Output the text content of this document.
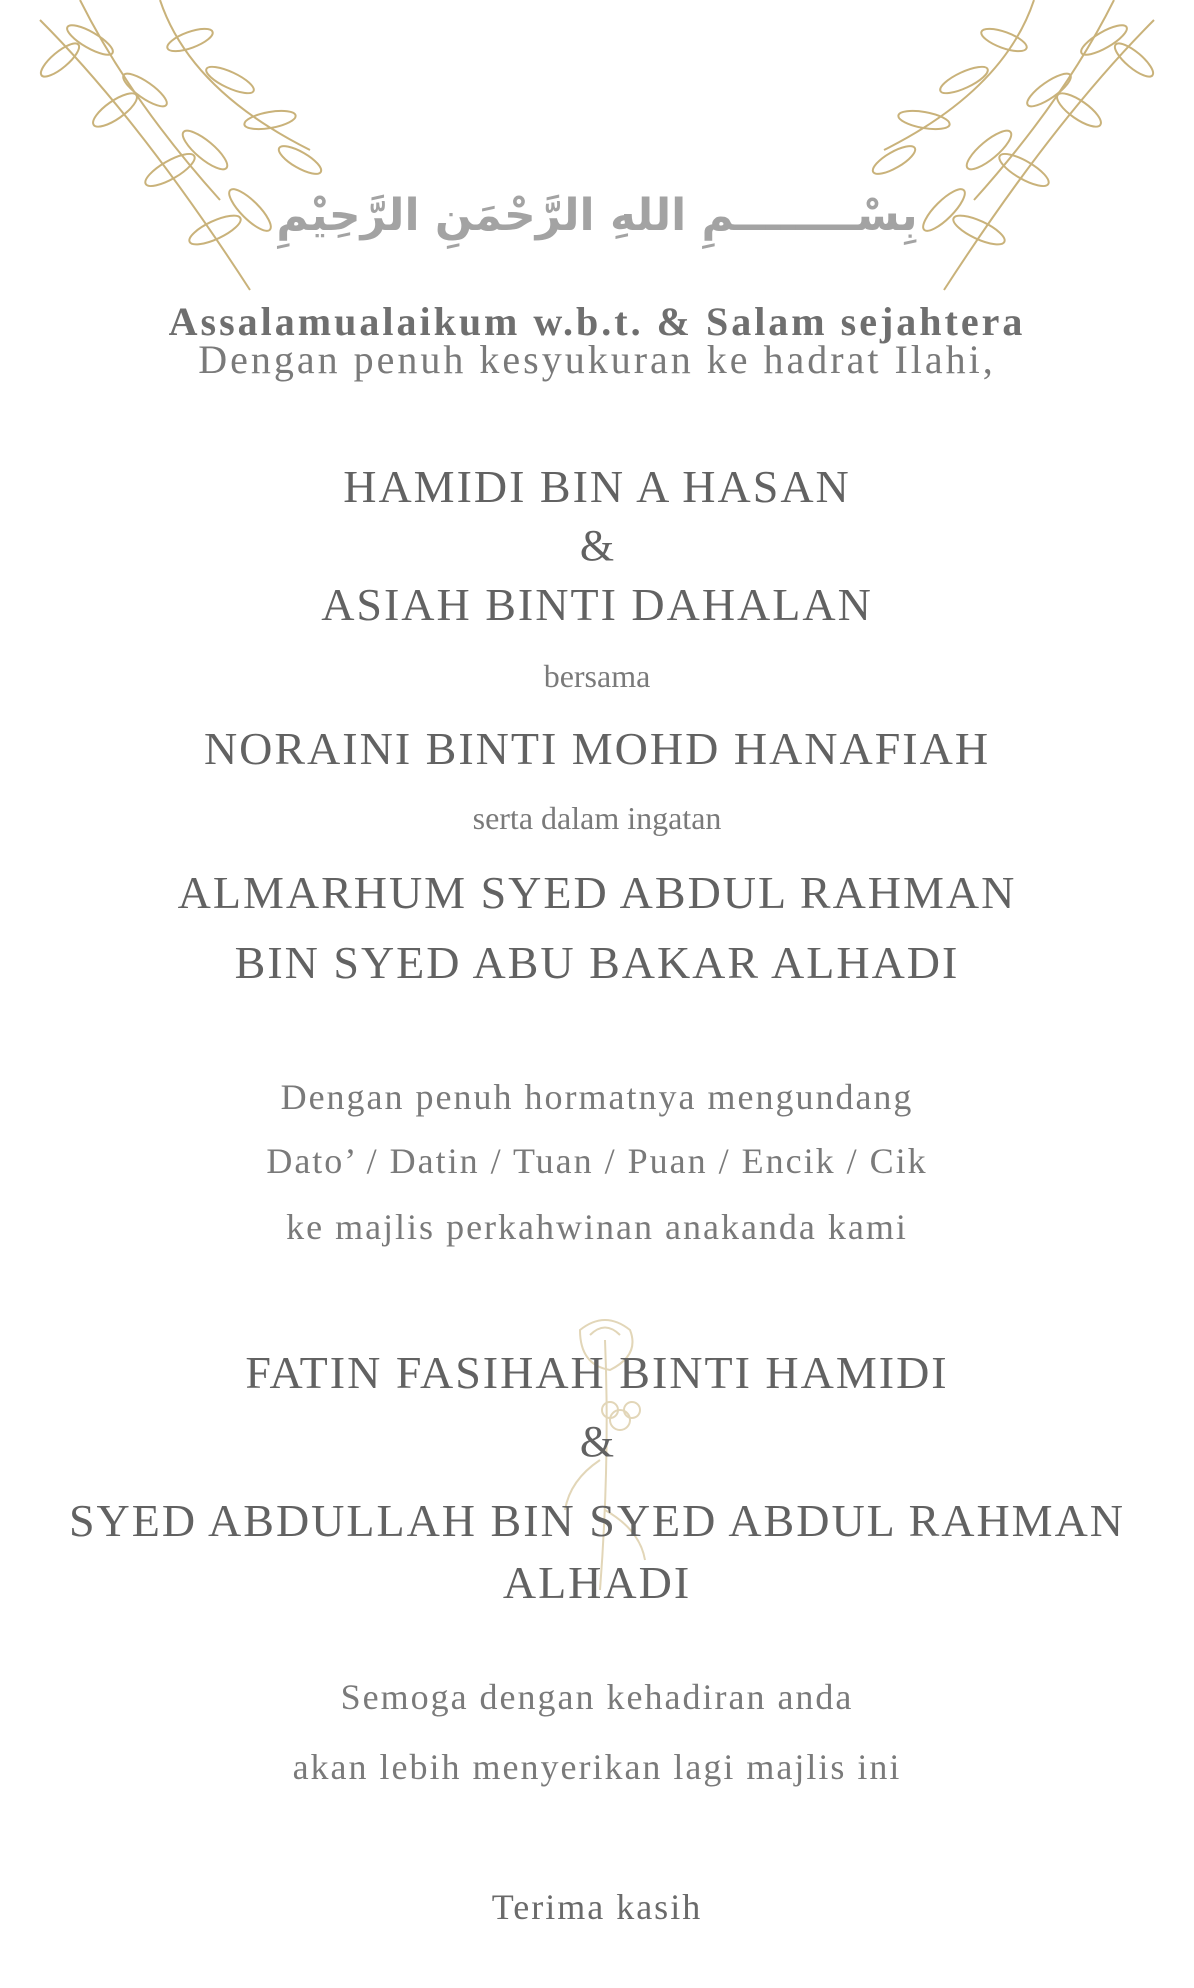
بِسْــــــــمِ اللهِ الرَّحْمَنِ الرَّحِيْمِ
Assalamualaikum w.b.t. & Salam sejahtera
Dengan penuh kesyukuran ke hadrat Ilahi,
HAMIDI BIN A HASAN
&
ASIAH BINTI DAHALAN
bersama
NORAINI BINTI MOHD HANAFIAH
serta dalam ingatan
ALMARHUM SYED ABDUL RAHMAN
BIN SYED ABU BAKAR ALHADI
Dengan penuh hormatnya mengundang
Dato’ / Datin / Tuan / Puan / Encik / Cik
ke majlis perkahwinan anakanda kami
FATIN FASIHAH BINTI HAMIDI
&
SYED ABDULLAH BIN SYED ABDUL RAHMAN
ALHADI
Semoga dengan kehadiran anda
akan lebih menyerikan lagi majlis ini
Terima kasih
